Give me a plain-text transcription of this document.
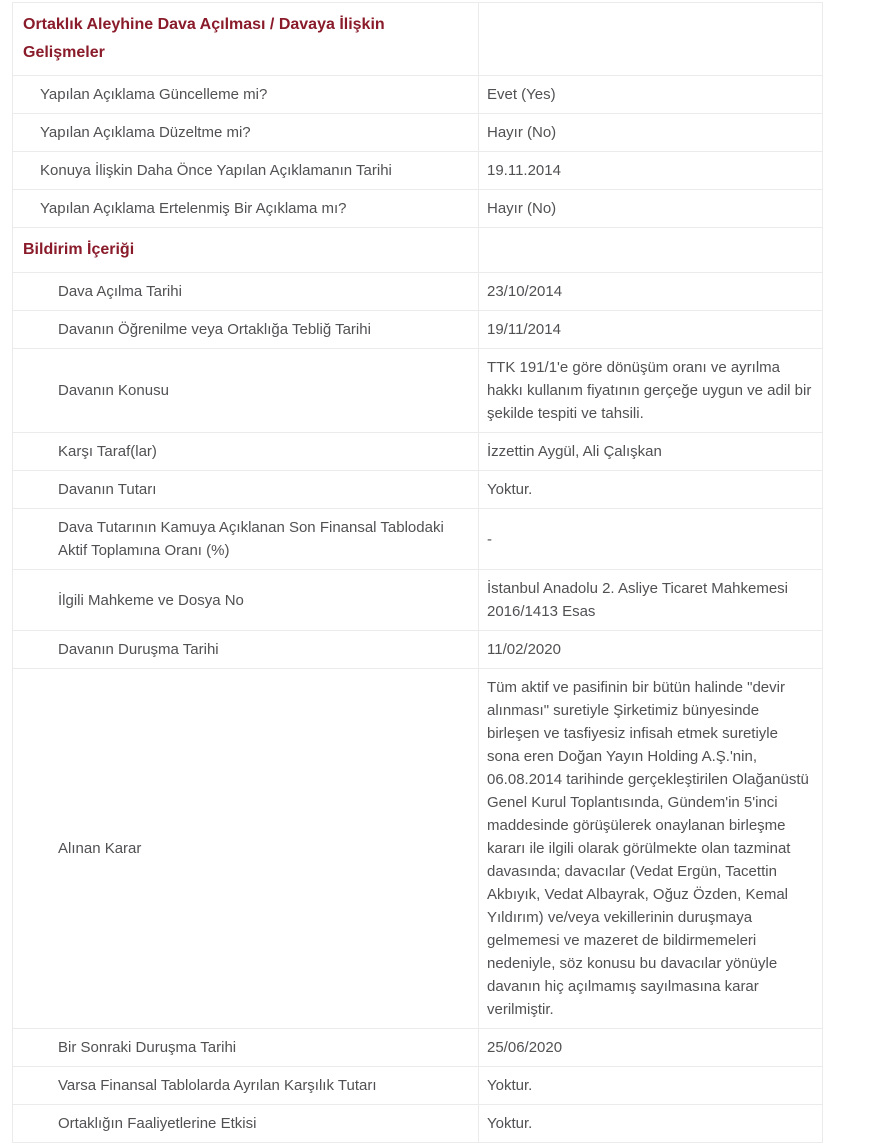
Ortaklık Aleyhine Dava Açılması / Davaya İlişkin Gelişmeler	
Yapılan Açıklama Güncelleme mi?	Evet (Yes)
Yapılan Açıklama Düzeltme mi?	Hayır (No)
Konuya İlişkin Daha Önce Yapılan Açıklamanın Tarihi	19.11.2014
Yapılan Açıklama Ertelenmiş Bir Açıklama mı?	Hayır (No)
Bildirim İçeriği	
Dava Açılma Tarihi	23/10/2014
Davanın Öğrenilme veya Ortaklığa Tebliğ Tarihi	19/11/2014
Davanın Konusu	TTK 191/1'e göre dönüşüm oranı ve ayrılma hakkı kullanım fiyatının gerçeğe uygun ve adil bir şekilde tespiti ve tahsili.
Karşı Taraf(lar)	İzzettin Aygül, Ali Çalışkan
Davanın Tutarı	Yoktur.
Dava Tutarının Kamuya Açıklanan Son Finansal Tablodaki Aktif Toplamına Oranı (%)	-
İlgili Mahkeme ve Dosya No	İstanbul Anadolu 2. Asliye Ticaret Mahkemesi 2016/1413 Esas
Davanın Duruşma Tarihi	11/02/2020
Alınan Karar	Tüm aktif ve pasifinin bir bütün halinde "devir alınması" suretiyle Şirketimiz bünyesinde birleşen ve tasfiyesiz infisah etmek suretiyle sona eren Doğan Yayın Holding A.Ş.'nin, 06.08.2014 tarihinde gerçekleştirilen Olağanüstü Genel Kurul Toplantısında, Gündem'in 5'inci maddesinde görüşülerek onaylanan birleşme kararı ile ilgili olarak görülmekte olan tazminat davasında; davacılar (Vedat Ergün, Tacettin Akbıyık, Vedat Albayrak, Oğuz Özden, Kemal Yıldırım) ve/veya vekillerinin duruşmaya gelmemesi ve mazeret de bildirmemeleri nedeniyle, söz konusu bu davacılar yönüyle davanın hiç açılmamış sayılmasına karar verilmiştir.
Bir Sonraki Duruşma Tarihi	25/06/2020
Varsa Finansal Tablolarda Ayrılan Karşılık Tutarı	Yoktur.
Ortaklığın Faaliyetlerine Etkisi	Yoktur.
